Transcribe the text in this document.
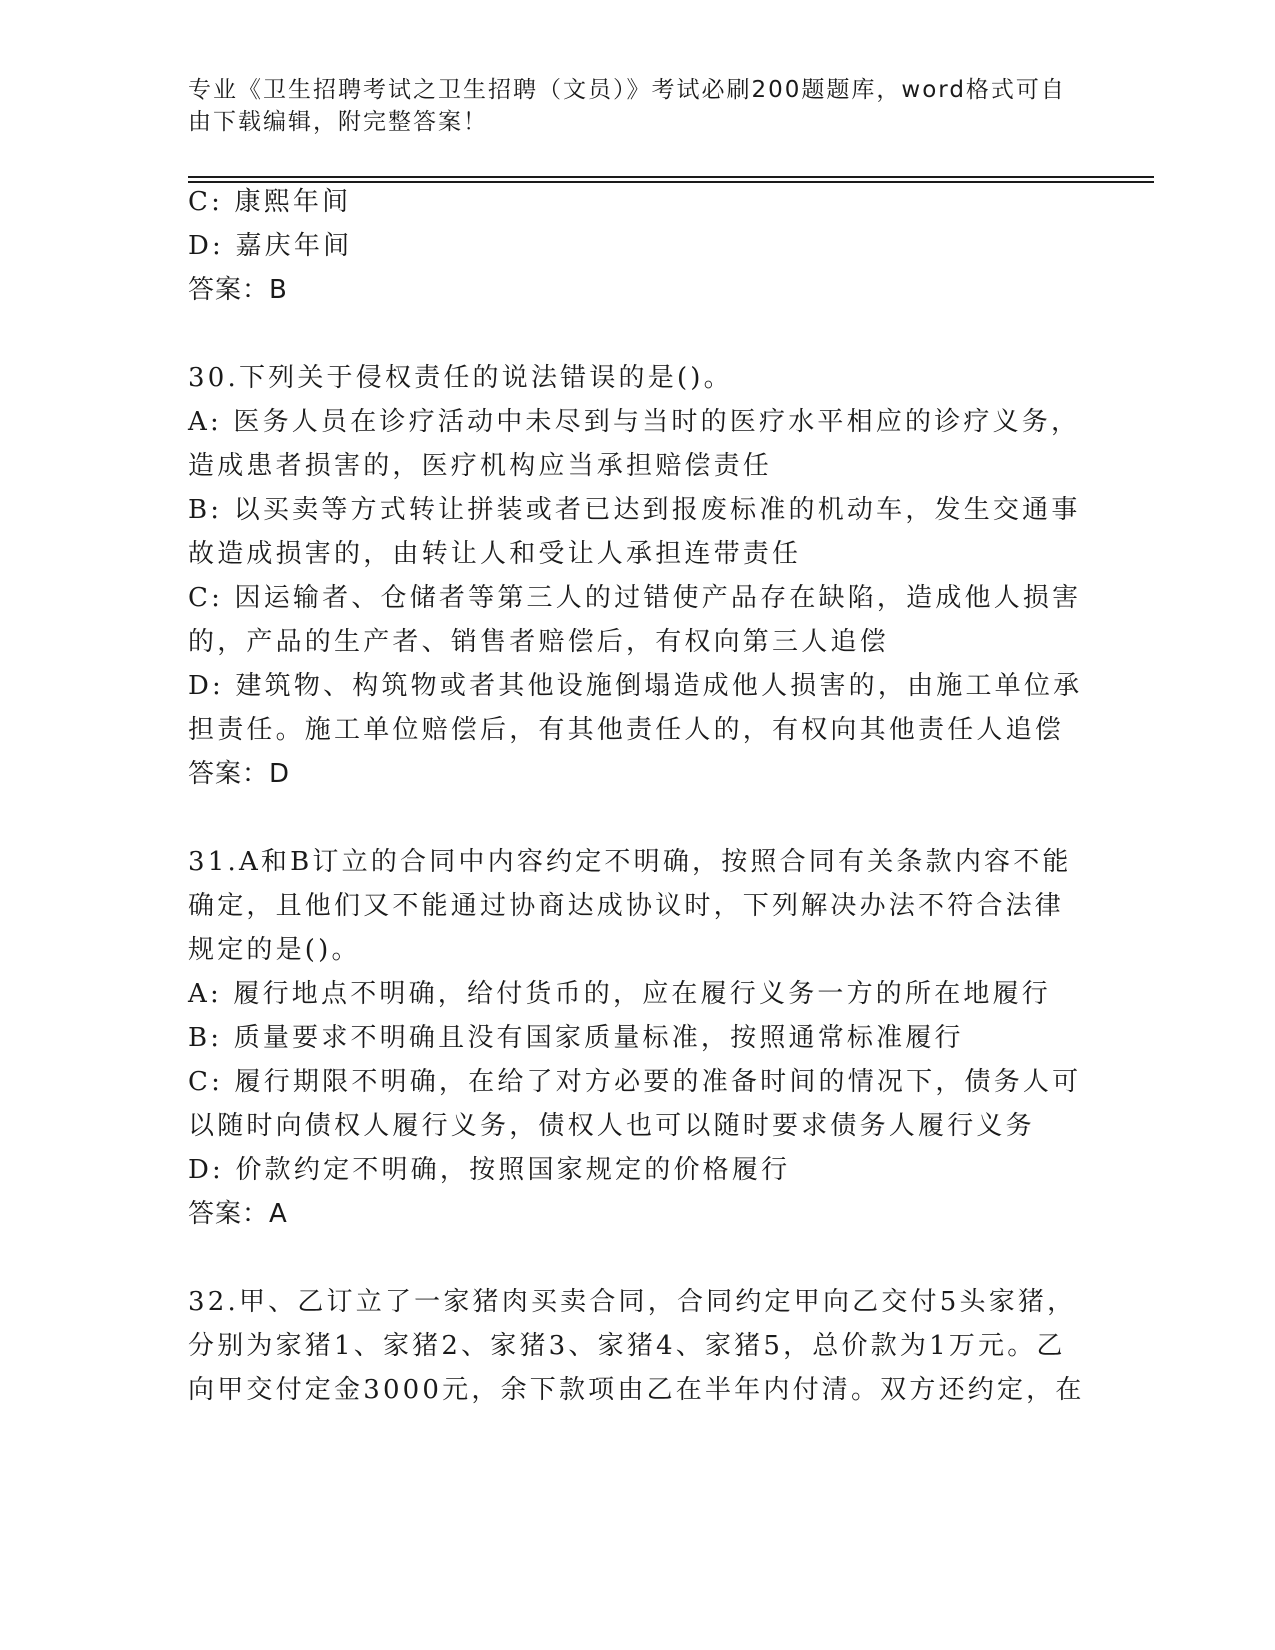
专业《卫生招聘考试之卫生招聘（文员）》考试必刷200题题库，word格式可自由下载编辑，附完整答案！
C: 康熙年间
D: 嘉庆年间
答案：B
30.下列关于侵权责任的说法错误的是()。
A: 医务人员在诊疗活动中未尽到与当时的医疗水平相应的诊疗义务，
造成患者损害的，医疗机构应当承担赔偿责任
B: 以买卖等方式转让拼装或者已达到报废标准的机动车，发生交通事
故造成损害的，由转让人和受让人承担连带责任
C: 因运输者、仓储者等第三人的过错使产品存在缺陷，造成他人损害
的，产品的生产者、销售者赔偿后，有权向第三人追偿
D: 建筑物、构筑物或者其他设施倒塌造成他人损害的，由施工单位承
担责任。施工单位赔偿后，有其他责任人的，有权向其他责任人追偿
答案：D
31.A和B订立的合同中内容约定不明确，按照合同有关条款内容不能
确定，且他们又不能通过协商达成协议时，下列解决办法不符合法律
规定的是()。
A: 履行地点不明确，给付货币的，应在履行义务一方的所在地履行
B: 质量要求不明确且没有国家质量标准，按照通常标准履行
C: 履行期限不明确，在给了对方必要的准备时间的情况下，债务人可
以随时向债权人履行义务，债权人也可以随时要求债务人履行义务
D: 价款约定不明确，按照国家规定的价格履行
答案：A
32.甲、乙订立了一家猪肉买卖合同，合同约定甲向乙交付5头家猪，
分别为家猪1、家猪2、家猪3、家猪4、家猪5，总价款为1万元。乙
向甲交付定金3000元，余下款项由乙在半年内付清。双方还约定，在
